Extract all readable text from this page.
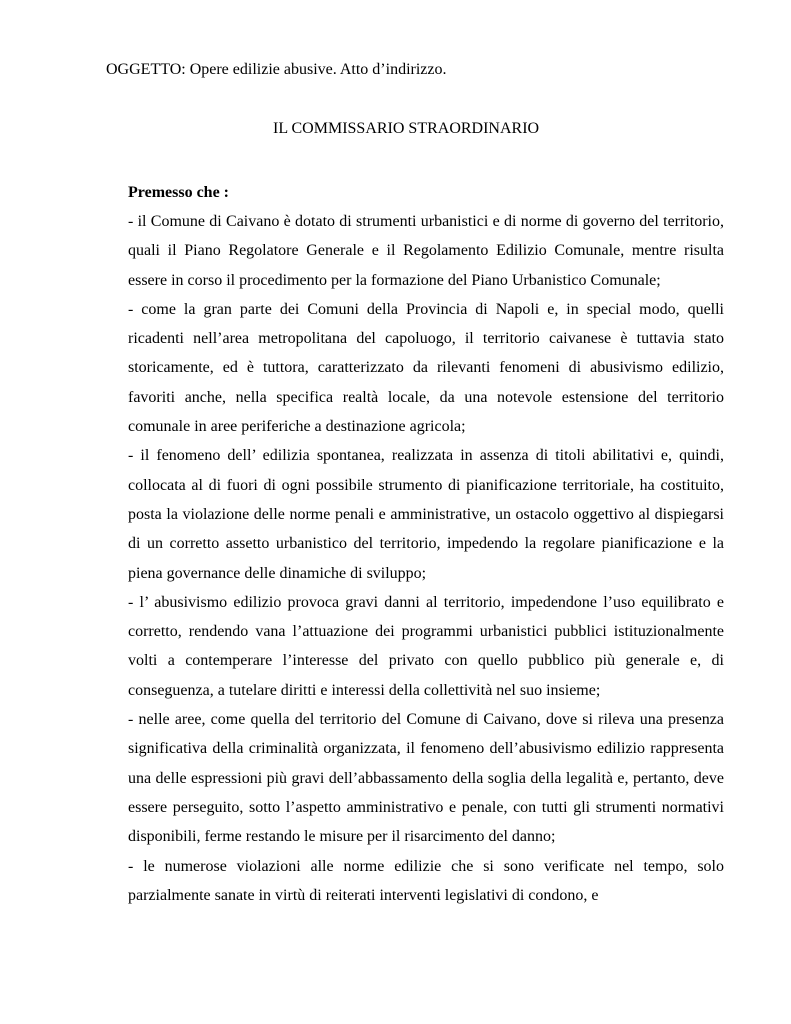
OGGETTO: Opere edilizie abusive. Atto d’indirizzo.
IL COMMISSARIO STRAORDINARIO

Premesso che :

- il Comune di Caivano è dotato di strumenti urbanistici e di norme di governo del territorio, quali il Piano Regolatore Generale e il Regolamento Edilizio Comunale, mentre risulta essere in corso il procedimento per la formazione del Piano Urbanistico Comunale;

- come la gran parte dei Comuni della Provincia di Napoli e, in special modo, quelli ricadenti nell’area metropolitana del capoluogo, il territorio caivanese è tuttavia stato storicamente, ed è tuttora, caratterizzato da rilevanti fenomeni di abusivismo edilizio, favoriti anche, nella specifica realtà locale, da una notevole estensione del territorio comunale in aree periferiche a destinazione agricola;

- il fenomeno dell’ edilizia spontanea, realizzata in assenza di titoli abilitativi e, quindi, collocata al di fuori di ogni possibile strumento di pianificazione territoriale, ha costituito, posta la violazione delle norme penali e amministrative, un ostacolo oggettivo al dispiegarsi di un corretto assetto urbanistico del territorio, impedendo la regolare pianificazione e la piena governance delle dinamiche di sviluppo;

- l’ abusivismo edilizio provoca gravi danni al territorio, impedendone l’uso equilibrato e corretto, rendendo vana l’attuazione dei programmi urbanistici pubblici istituzionalmente volti a contemperare l’interesse del privato con quello pubblico più generale e, di conseguenza, a tutelare diritti e interessi della collettività nel suo insieme;

- nelle aree, come quella del territorio del Comune di Caivano, dove si rileva una presenza significativa della criminalità organizzata, il fenomeno dell’abusivismo edilizio rappresenta una delle espressioni più gravi dell’abbassamento della soglia della legalità e, pertanto, deve essere perseguito, sotto l’aspetto amministrativo e penale, con tutti gli strumenti normativi disponibili, ferme restando le misure per il risarcimento del danno;

- le numerose violazioni alle norme edilizie che si sono verificate nel tempo, solo parzialmente sanate in virtù di reiterati interventi legislativi di condono, e
